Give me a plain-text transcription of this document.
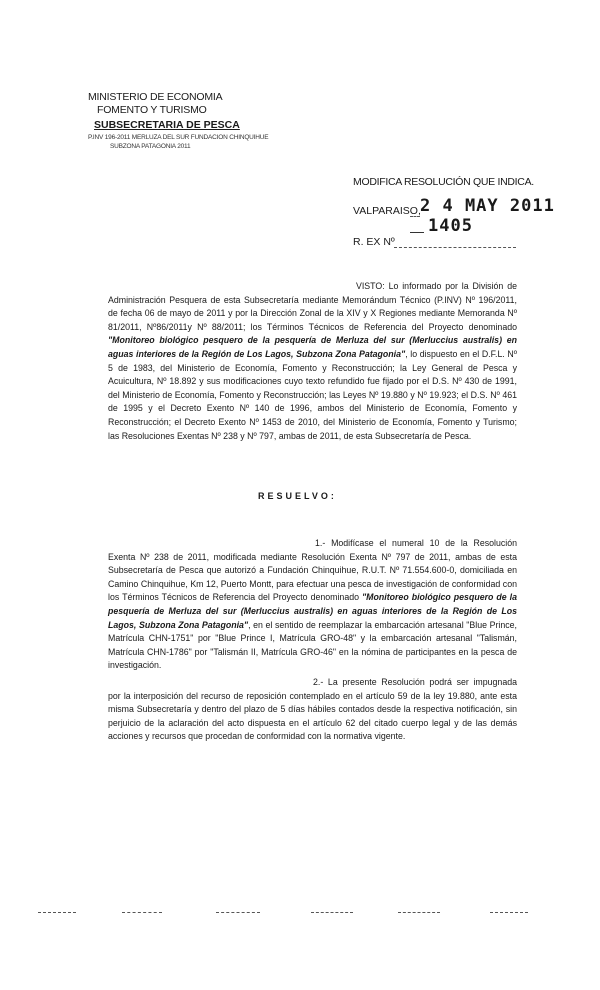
MINISTERIO DE ECONOMIA
FOMENTO Y TURISMO
SUBSECRETARIA DE PESCA
P.INV 196-2011 MERLUZA DEL SUR FUNDACION CHINQUIHUE
SUBZONA PATAGONIA 2011
MODIFICA RESOLUCIÓN QUE INDICA.
VALPARAISO, 2 4 MAY 2011
1405
R. EX Nº
VISTO: Lo informado por la División de Administración Pesquera de esta Subsecretaría mediante Memorándum Técnico (P.INV) Nº 196/2011, de fecha 06 de mayo de 2011 y por la Dirección Zonal de la XIV y X Regiones mediante Memoranda Nº 81/2011, Nº86/2011y Nº 88/2011; los Términos Técnicos de Referencia del Proyecto denominado "Monitoreo biológico pesquero de la pesquería de Merluza del sur (Merluccius australis) en aguas interiores de la Región de Los Lagos, Subzona Zona Patagonia", lo dispuesto en el D.F.L. Nº 5 de 1983, del Ministerio de Economía, Fomento y Reconstrucción; la Ley General de Pesca y Acuicultura, Nº 18.892 y sus modificaciones cuyo texto refundido fue fijado por el D.S. Nº 430 de 1991, del Ministerio de Economía, Fomento y Reconstrucción; las Leyes Nº 19.880 y Nº 19.923; el D.S. Nº 461 de 1995 y el Decreto Exento Nº 140 de 1996, ambos del Ministerio de Economía, Fomento y Reconstrucción; el Decreto Exento Nº 1453 de 2010, del Ministerio de Economía, Fomento y Turismo; las Resoluciones Exentas Nº 238 y Nº 797, ambas de 2011, de esta Subsecretaría de Pesca.
RESUELVO:
1.- Modifícase el numeral 10 de la Resolución Exenta Nº 238 de 2011, modificada mediante Resolución Exenta Nº 797 de 2011, ambas de esta Subsecretaría de Pesca que autorizó a Fundación Chinquihue, R.U.T. Nº 71.554.600-0, domiciliada en Camino Chinquihue, Km 12, Puerto Montt, para efectuar una pesca de investigación de conformidad con los Términos Técnicos de Referencia del Proyecto denominado "Monitoreo biológico pesquero de la pesquería de Merluza del sur (Merluccius australis) en aguas interiores de la Región de Los Lagos, Subzona Zona Patagonia", en el sentido de reemplazar la embarcación artesanal "Blue Prince, Matrícula CHN-1751" por "Blue Prince I, Matrícula GRO-48" y la embarcación artesanal "Talismán, Matrícula CHN-1786" por "Talismán II, Matrícula GRO-46" en la nómina de participantes en la pesca de investigación.
2.- La presente Resolución podrá ser impugnada por la interposición del recurso de reposición contemplado en el artículo 59 de la ley 19.880, ante esta misma Subsecretaría y dentro del plazo de 5 días hábiles contados desde la respectiva notificación, sin perjuicio de la aclaración del acto dispuesta en el artículo 62 del citado cuerpo legal y de las demás acciones y recursos que procedan de conformidad con la normativa vigente.
